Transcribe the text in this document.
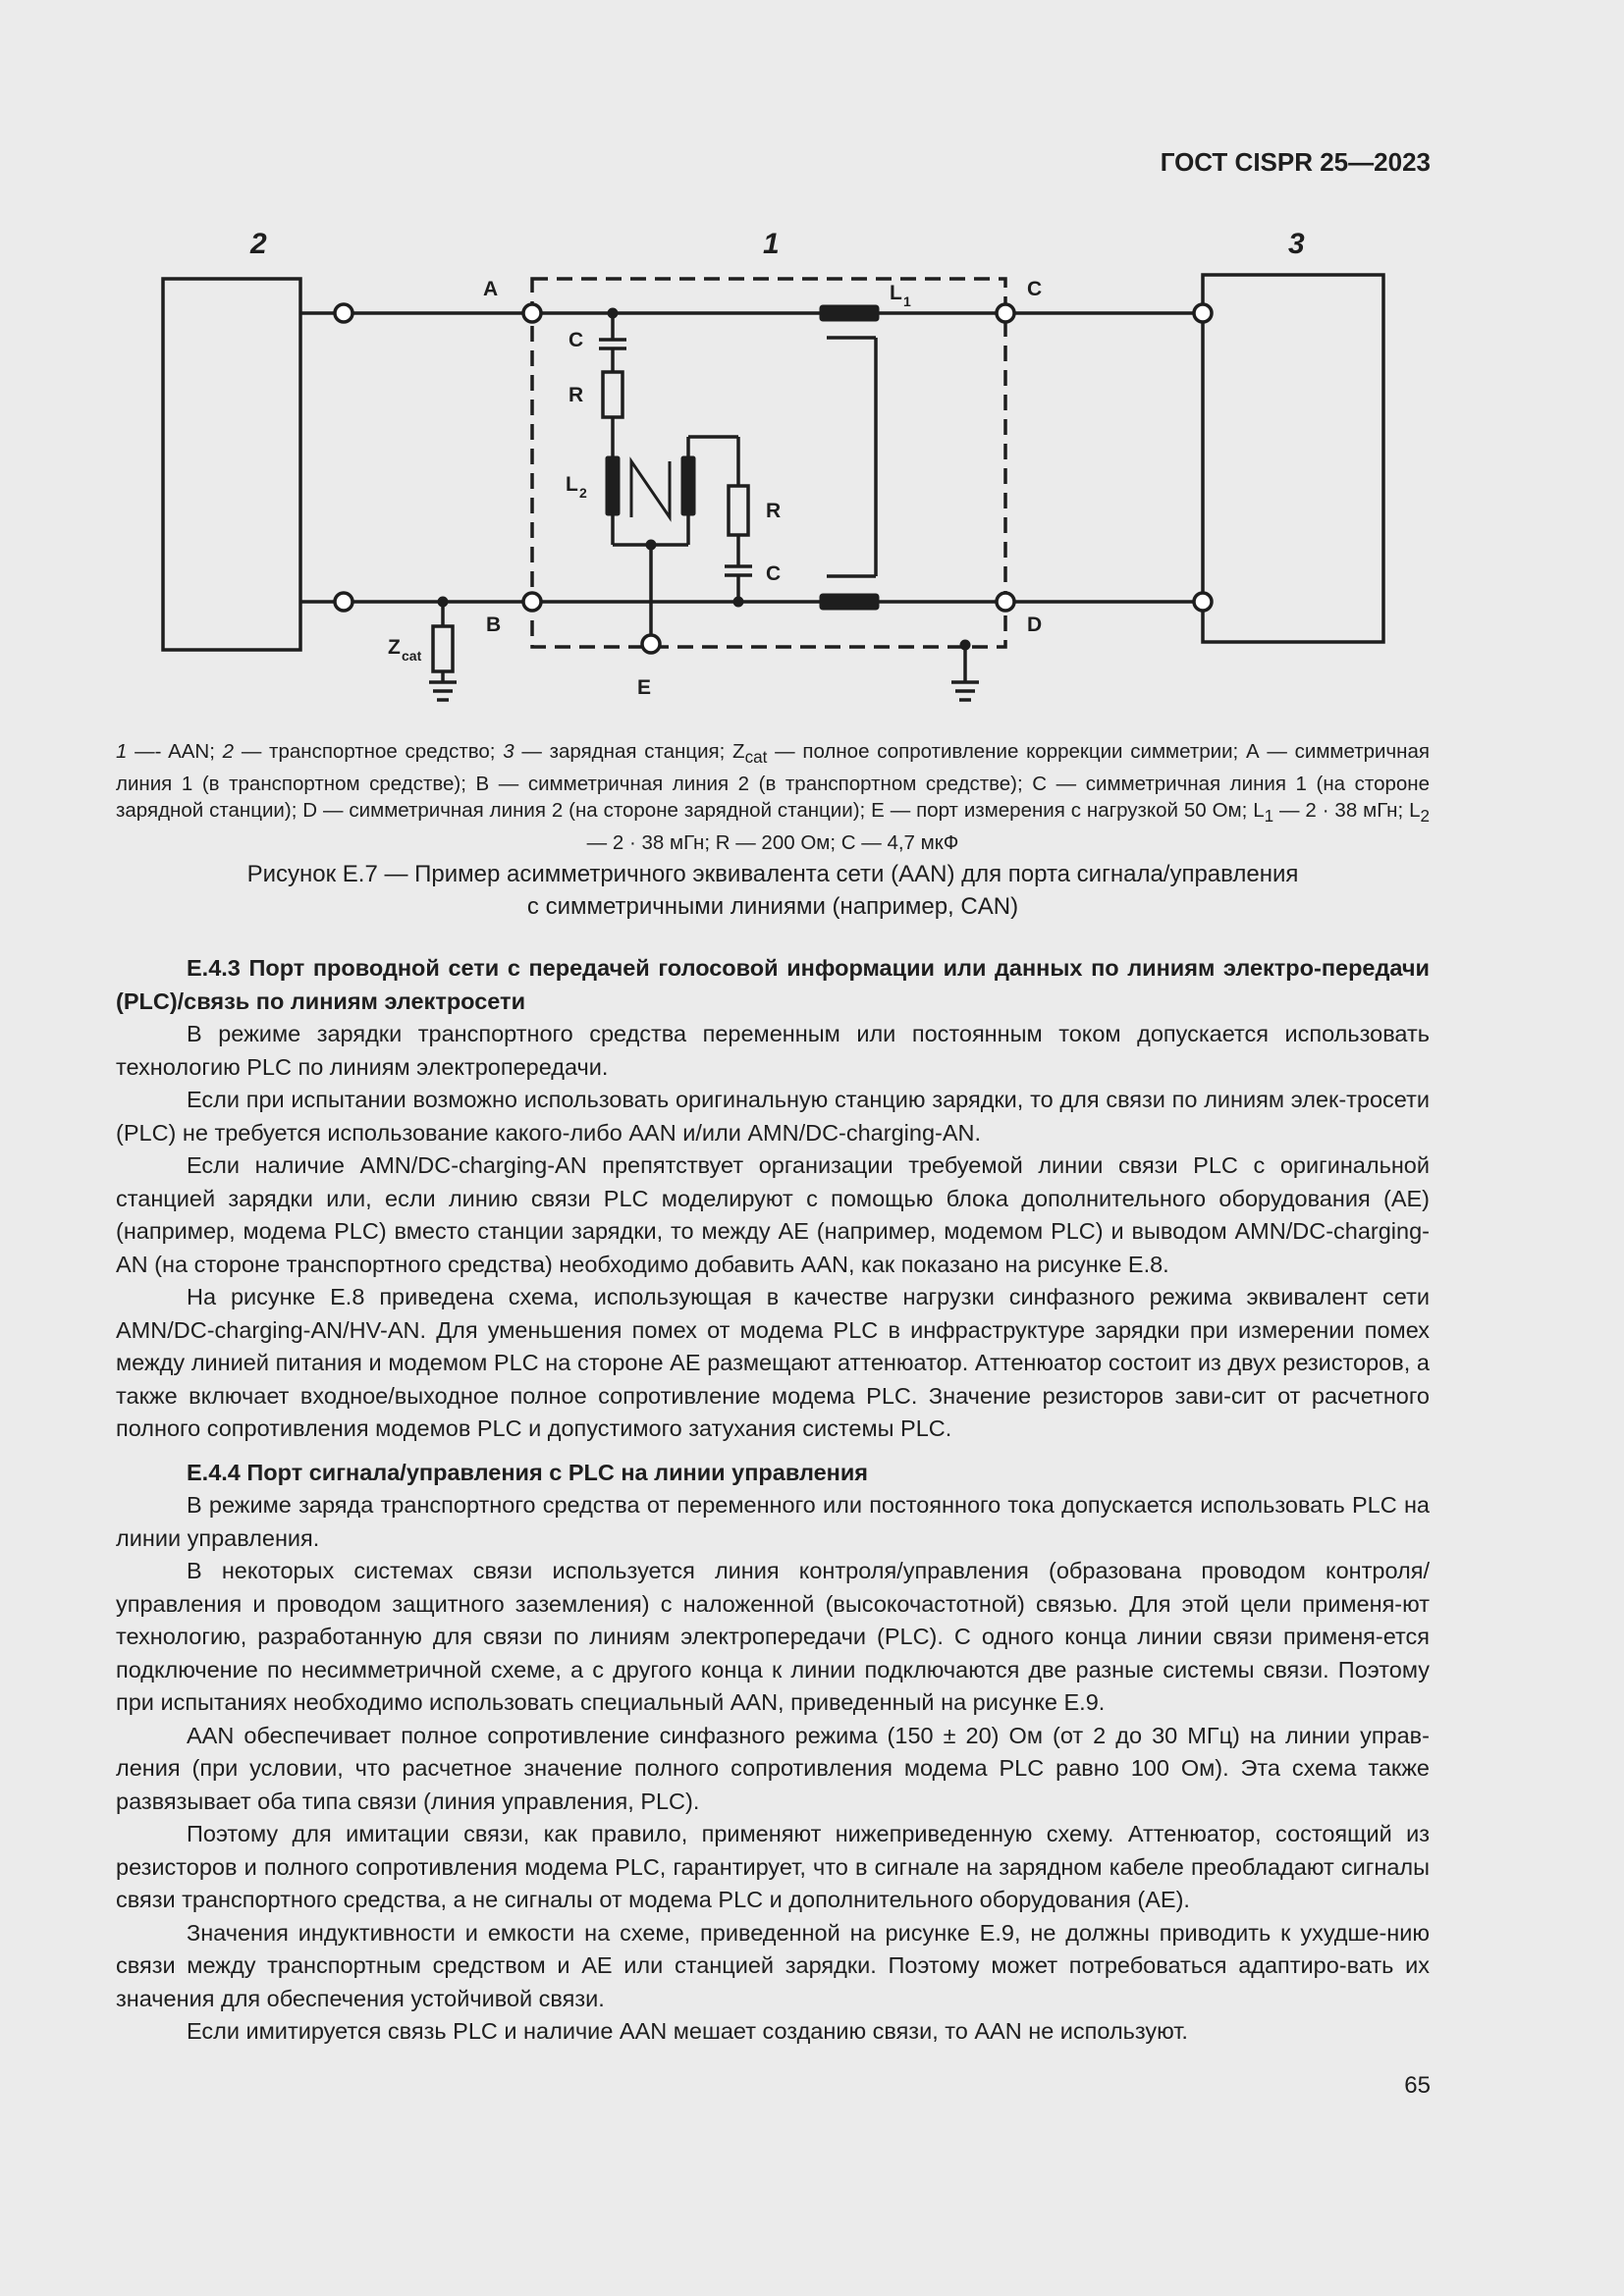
ГОСТ CISPR 25—2023
2	1	3
A
B
C
D
E
C
R
L 2
R
C
L 1
Z cat

1 —- AAN; 2 — транспортное средство; 3 — зарядная станция; $Z_{cat}$ — полное сопротивление коррекции симметрии; А — симметричная линия 1 (в транспортном средстве); В — симметричная линия 2 (в транспортном средстве); С — симметричная линия 1 (на стороне зарядной станции); D — симметричная линия 2 (на стороне зарядной станции); Е — порт измерения с нагрузкой 50 Ом; $L_1$ — 2 · 38 мГн; $L_2$ — 2 · 38 мГн; R — 200 Ом; С — 4,7 мкФ

Рисунок Е.7 — Пример асимметричного эквивалента сети (AAN) для порта сигнала/управления
с симметричными линиями (например, CAN)
Е.4.3 Порт проводной сети с передачей голосовой информации или данных по линиям электро-передачи (PLC)/связь по линиям электросети

В режиме зарядки транспортного средства переменным или постоянным током допускается использовать технологию PLC по линиям электропередачи.

Если при испытании возможно использовать оригинальную станцию зарядки, то для связи по линиям элек-тросети (PLC) не требуется использование какого-либо AAN и/или AMN/DC-charging-AN.

Если наличие AMN/DC-charging-AN препятствует организации требуемой линии связи PLC с оригинальной станцией зарядки или, если линию связи PLC моделируют с помощью блока дополнительного оборудования (AE) (например, модема PLC) вместо станции зарядки, то между AE (например, модемом PLC) и выводом AMN/DC-charging-AN (на стороне транспортного средства) необходимо добавить AAN, как показано на рисунке Е.8.

На рисунке Е.8 приведена схема, использующая в качестве нагрузки синфазного режима эквивалент сети AMN/DC-charging-AN/HV-AN. Для уменьшения помех от модема PLC в инфраструктуре зарядки при измерении помех между линией питания и модемом PLC на стороне AE размещают аттенюатор. Аттенюатор состоит из двух резисторов, а также включает входное/выходное полное сопротивление модема PLC. Значение резисторов зави-сит от расчетного полного сопротивления модемов PLC и допустимого затухания системы PLC.

Е.4.4 Порт сигнала/управления с PLC на линии управления

В режиме заряда транспортного средства от переменного или постоянного тока допускается использовать PLC на линии управления.

В некоторых системах связи используется линия контроля/управления (образована проводом контроля/управления и проводом защитного заземления) с наложенной (высокочастотной) связью. Для этой цели применя-ют технологию, разработанную для связи по линиям электропередачи (PLC). С одного конца линии связи применя-ется подключение по несимметричной схеме, а с другого конца к линии подключаются две разные системы связи. Поэтому при испытаниях необходимо использовать специальный AAN, приведенный на рисунке Е.9.

AAN обеспечивает полное сопротивление синфазного режима (150 ± 20) Ом (от 2 до 30 МГц) на линии управ-ления (при условии, что расчетное значение полного сопротивления модема PLC равно 100 Ом). Эта схема также развязывает оба типа связи (линия управления, PLC).

Поэтому для имитации связи, как правило, применяют нижеприведенную схему. Аттенюатор, состоящий из резисторов и полного сопротивления модема PLC, гарантирует, что в сигнале на зарядном кабеле преобладают сигналы связи транспортного средства, а не сигналы от модема PLC и дополнительного оборудования (AE).

Значения индуктивности и емкости на схеме, приведенной на рисунке Е.9, не должны приводить к ухудше-нию связи между транспортным средством и AE или станцией зарядки. Поэтому может потребоваться адаптиро-вать их значения для обеспечения устойчивой связи.

Если имитируется связь PLC и наличие AAN мешает созданию связи, то AAN не используют.

65
